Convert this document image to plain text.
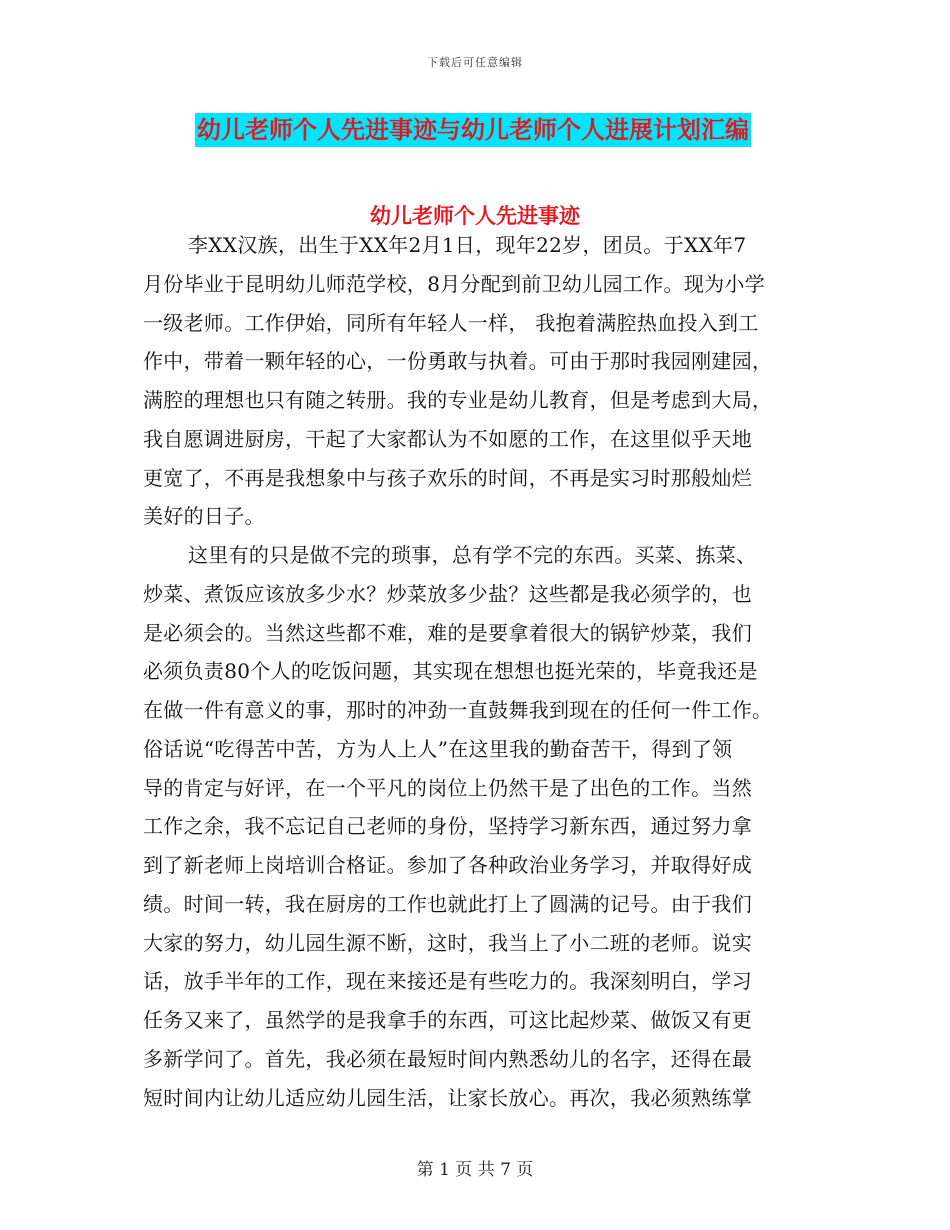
下载后可任意编辑
幼儿老师个人先进事迹与幼儿老师个人进展计划汇编
幼儿老师个人先进事迹
李XX汉族，出生于XX年2月1日，现年22岁，团员。于XX年7
月份毕业于昆明幼儿师范学校，8月分配到前卫幼儿园工作。现为小学
一级老师。工作伊始，同所有年轻人一样， 我抱着满腔热血投入到工
作中，带着一颗年轻的心，一份勇敢与执着。可由于那时我园刚建园，
满腔的理想也只有随之转册。我的专业是幼儿教育，但是考虑到大局，
我自愿调进厨房，干起了大家都认为不如愿的工作，在这里似乎天地
更宽了，不再是我想象中与孩子欢乐的时间，不再是实习时那般灿烂
美好的日子。
这里有的只是做不完的琐事，总有学不完的东西。买菜、拣菜、
炒菜、煮饭应该放多少水？炒菜放多少盐？这些都是我必须学的，也
是必须会的。当然这些都不难，难的是要拿着很大的锅铲炒菜，我们
必须负责80个人的吃饭问题，其实现在想想也挺光荣的，毕竟我还是
在做一件有意义的事，那时的冲劲一直鼓舞我到现在的任何一件工作。
俗话说“吃得苦中苦，方为人上人”在这里我的勤奋苦干，得到了领
导的肯定与好评，在一个平凡的岗位上仍然干是了出色的工作。当然
工作之余，我不忘记自己老师的身份，坚持学习新东西，通过努力拿
到了新老师上岗培训合格证。参加了各种政治业务学习，并取得好成
绩。时间一转，我在厨房的工作也就此打上了圆满的记号。由于我们
大家的努力，幼儿园生源不断，这时，我当上了小二班的老师。说实
话，放手半年的工作，现在来接还是有些吃力的。我深刻明白，学习
任务又来了，虽然学的是我拿手的东西，可这比起炒菜、做饭又有更
多新学问了。首先，我必须在最短时间内熟悉幼儿的名字，还得在最
短时间内让幼儿适应幼儿园生活，让家长放心。再次，我必须熟练掌
第 1 页 共 7 页
